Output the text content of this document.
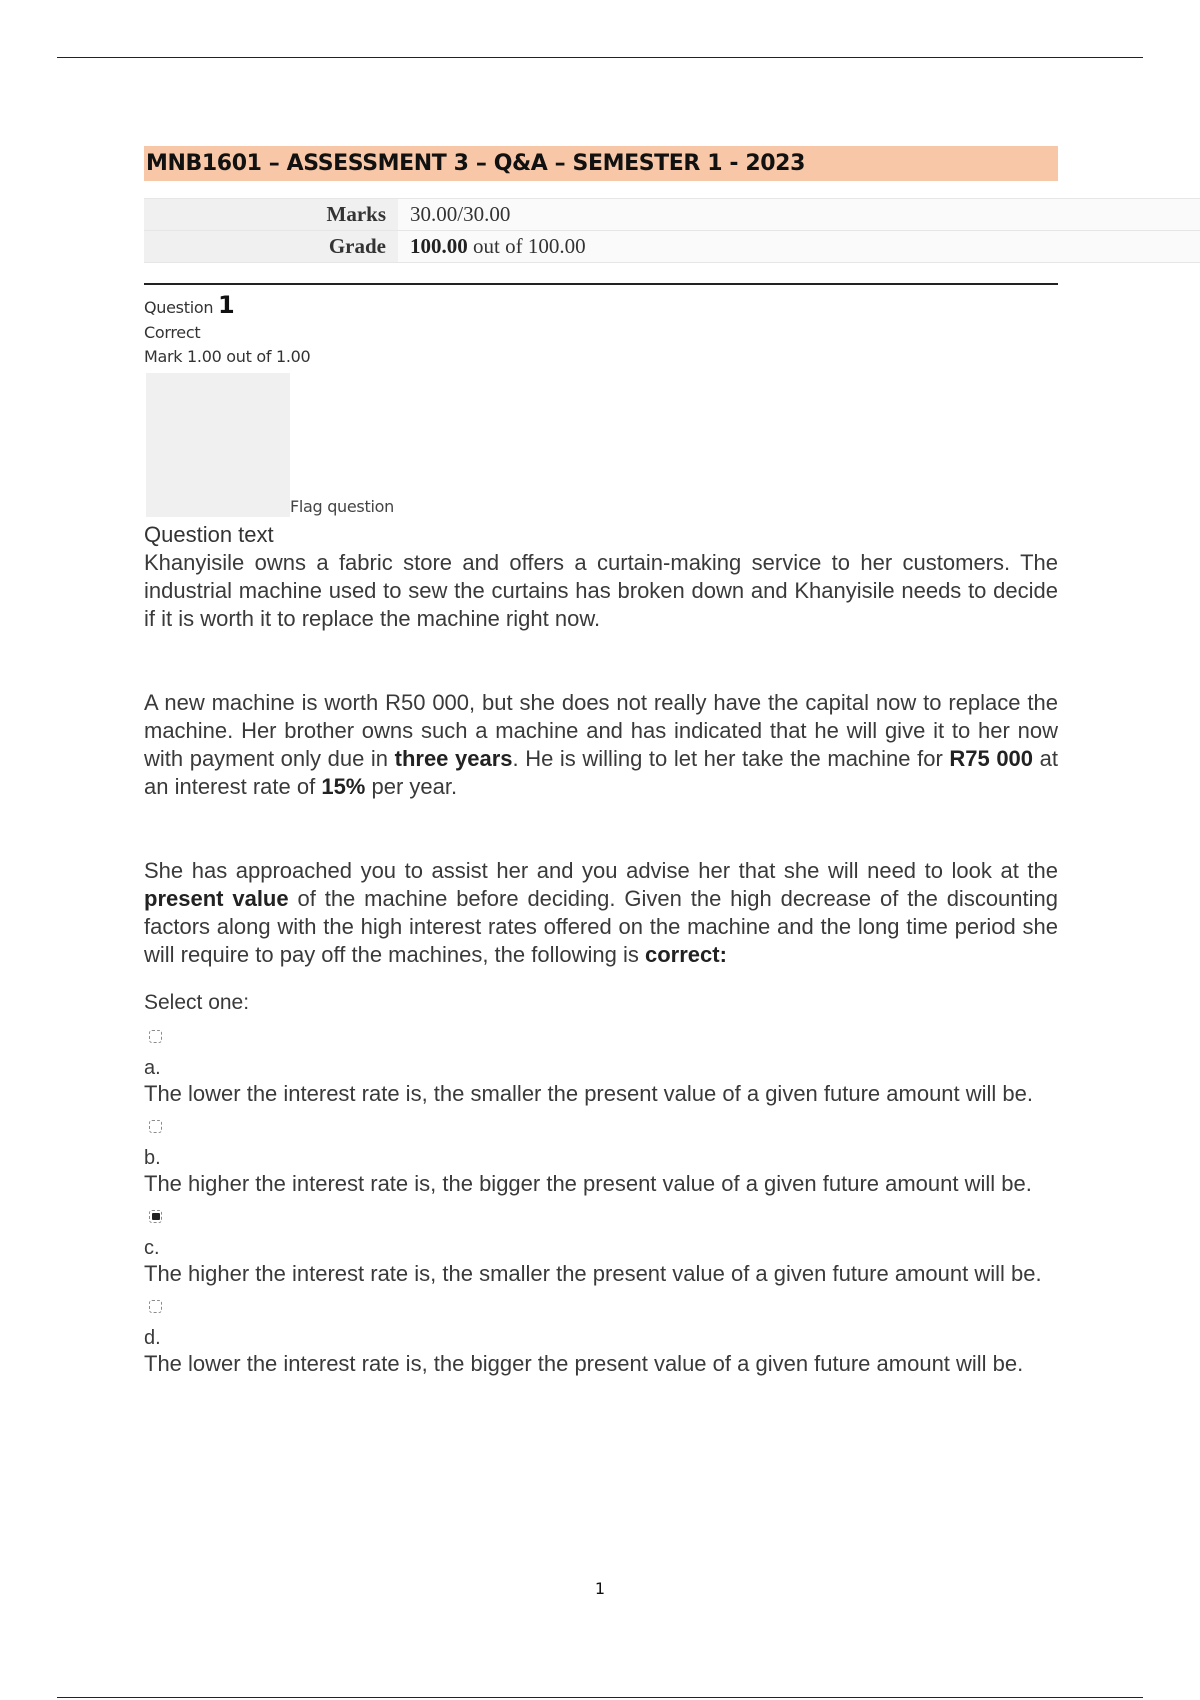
MNB1601 – ASSESSMENT 3 – Q&A – SEMESTER 1 - 2023
Marks	30.00/30.00
Grade	100.00 out of 100.00
Question 1
Correct
Mark 1.00 out of 1.00
Flag question
Question text

Khanyisile owns a fabric store and offers a curtain-making service to her customers. The industrial machine used to sew the curtains has broken down and Khanyisile needs to decide if it is worth it to replace the machine right now.

A new machine is worth R50 000, but she does not really have the capital now to replace the machine. Her brother owns such a machine and has indicated that he will give it to her now with payment only due in three years. He is willing to let her take the machine for R75 000 at an interest rate of 15% per year.

She has approached you to assist her and you advise her that she will need to look at the present value of the machine before deciding. Given the high decrease of the discounting factors along with the high interest rates offered on the machine and the long time period she will require to pay off the machines, the following is correct:

Select one:
a.
The lower the interest rate is, the smaller the present value of a given future amount will be.
b.
The higher the interest rate is, the bigger the present value of a given future amount will be.
c.
The higher the interest rate is, the smaller the present value of a given future amount will be.
d.
The lower the interest rate is, the bigger the present value of a given future amount will be.
1
